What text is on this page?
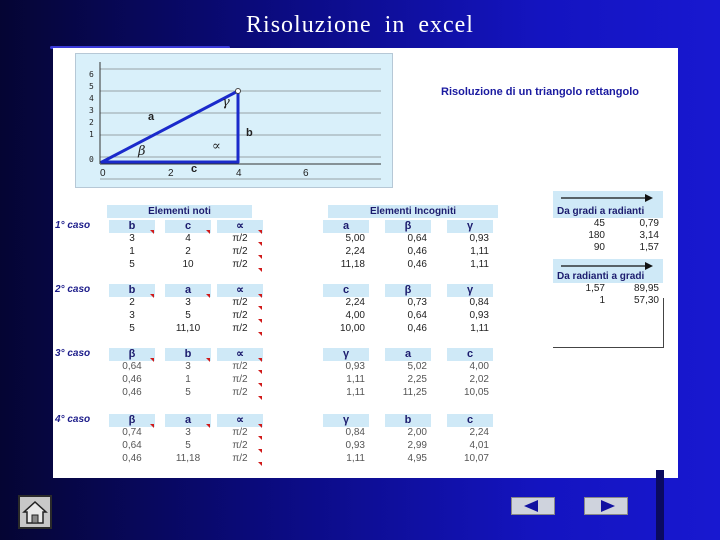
Risoluzione in excel
6
5
4
3
2
1
0
0	2	4	6
a
b
c
γ
∝
β
Risoluzione di un triangolo rettangolo
Elementi noti	Elementi Incogniti	Da gradi a radianti
Da radianti a gradi
45	0,79
180	3,14
90	1,57
1,57	89,95
1	57,30
1° caso	b	c	∝	a	β	γ
3	4	π/2	5,00	0,64	0,93
1	2	π/2	2,24	0,46	1,11
5	10	π/2	11,18	0,46	1,11
2° caso	b	a	∝	c	β	γ
2	3	π/2	2,24	0,73	0,84
3	5	π/2	4,00	0,64	0,93
5	11,10	π/2	10,00	0,46	1,11
3° caso	β	b	∝	γ	a	c
0,64	3	π/2	0,93	5,02	4,00
0,46	1	π/2	1,11	2,25	2,02
0,46	5	π/2	1,11	11,25	10,05
4° caso	β	a	∝	γ	b	c
0,74	3	π/2	0,84	2,00	2,24
0,64	5	π/2	0,93	2,99	4,01
0,46	11,18	π/2	1,11	4,95	10,07
